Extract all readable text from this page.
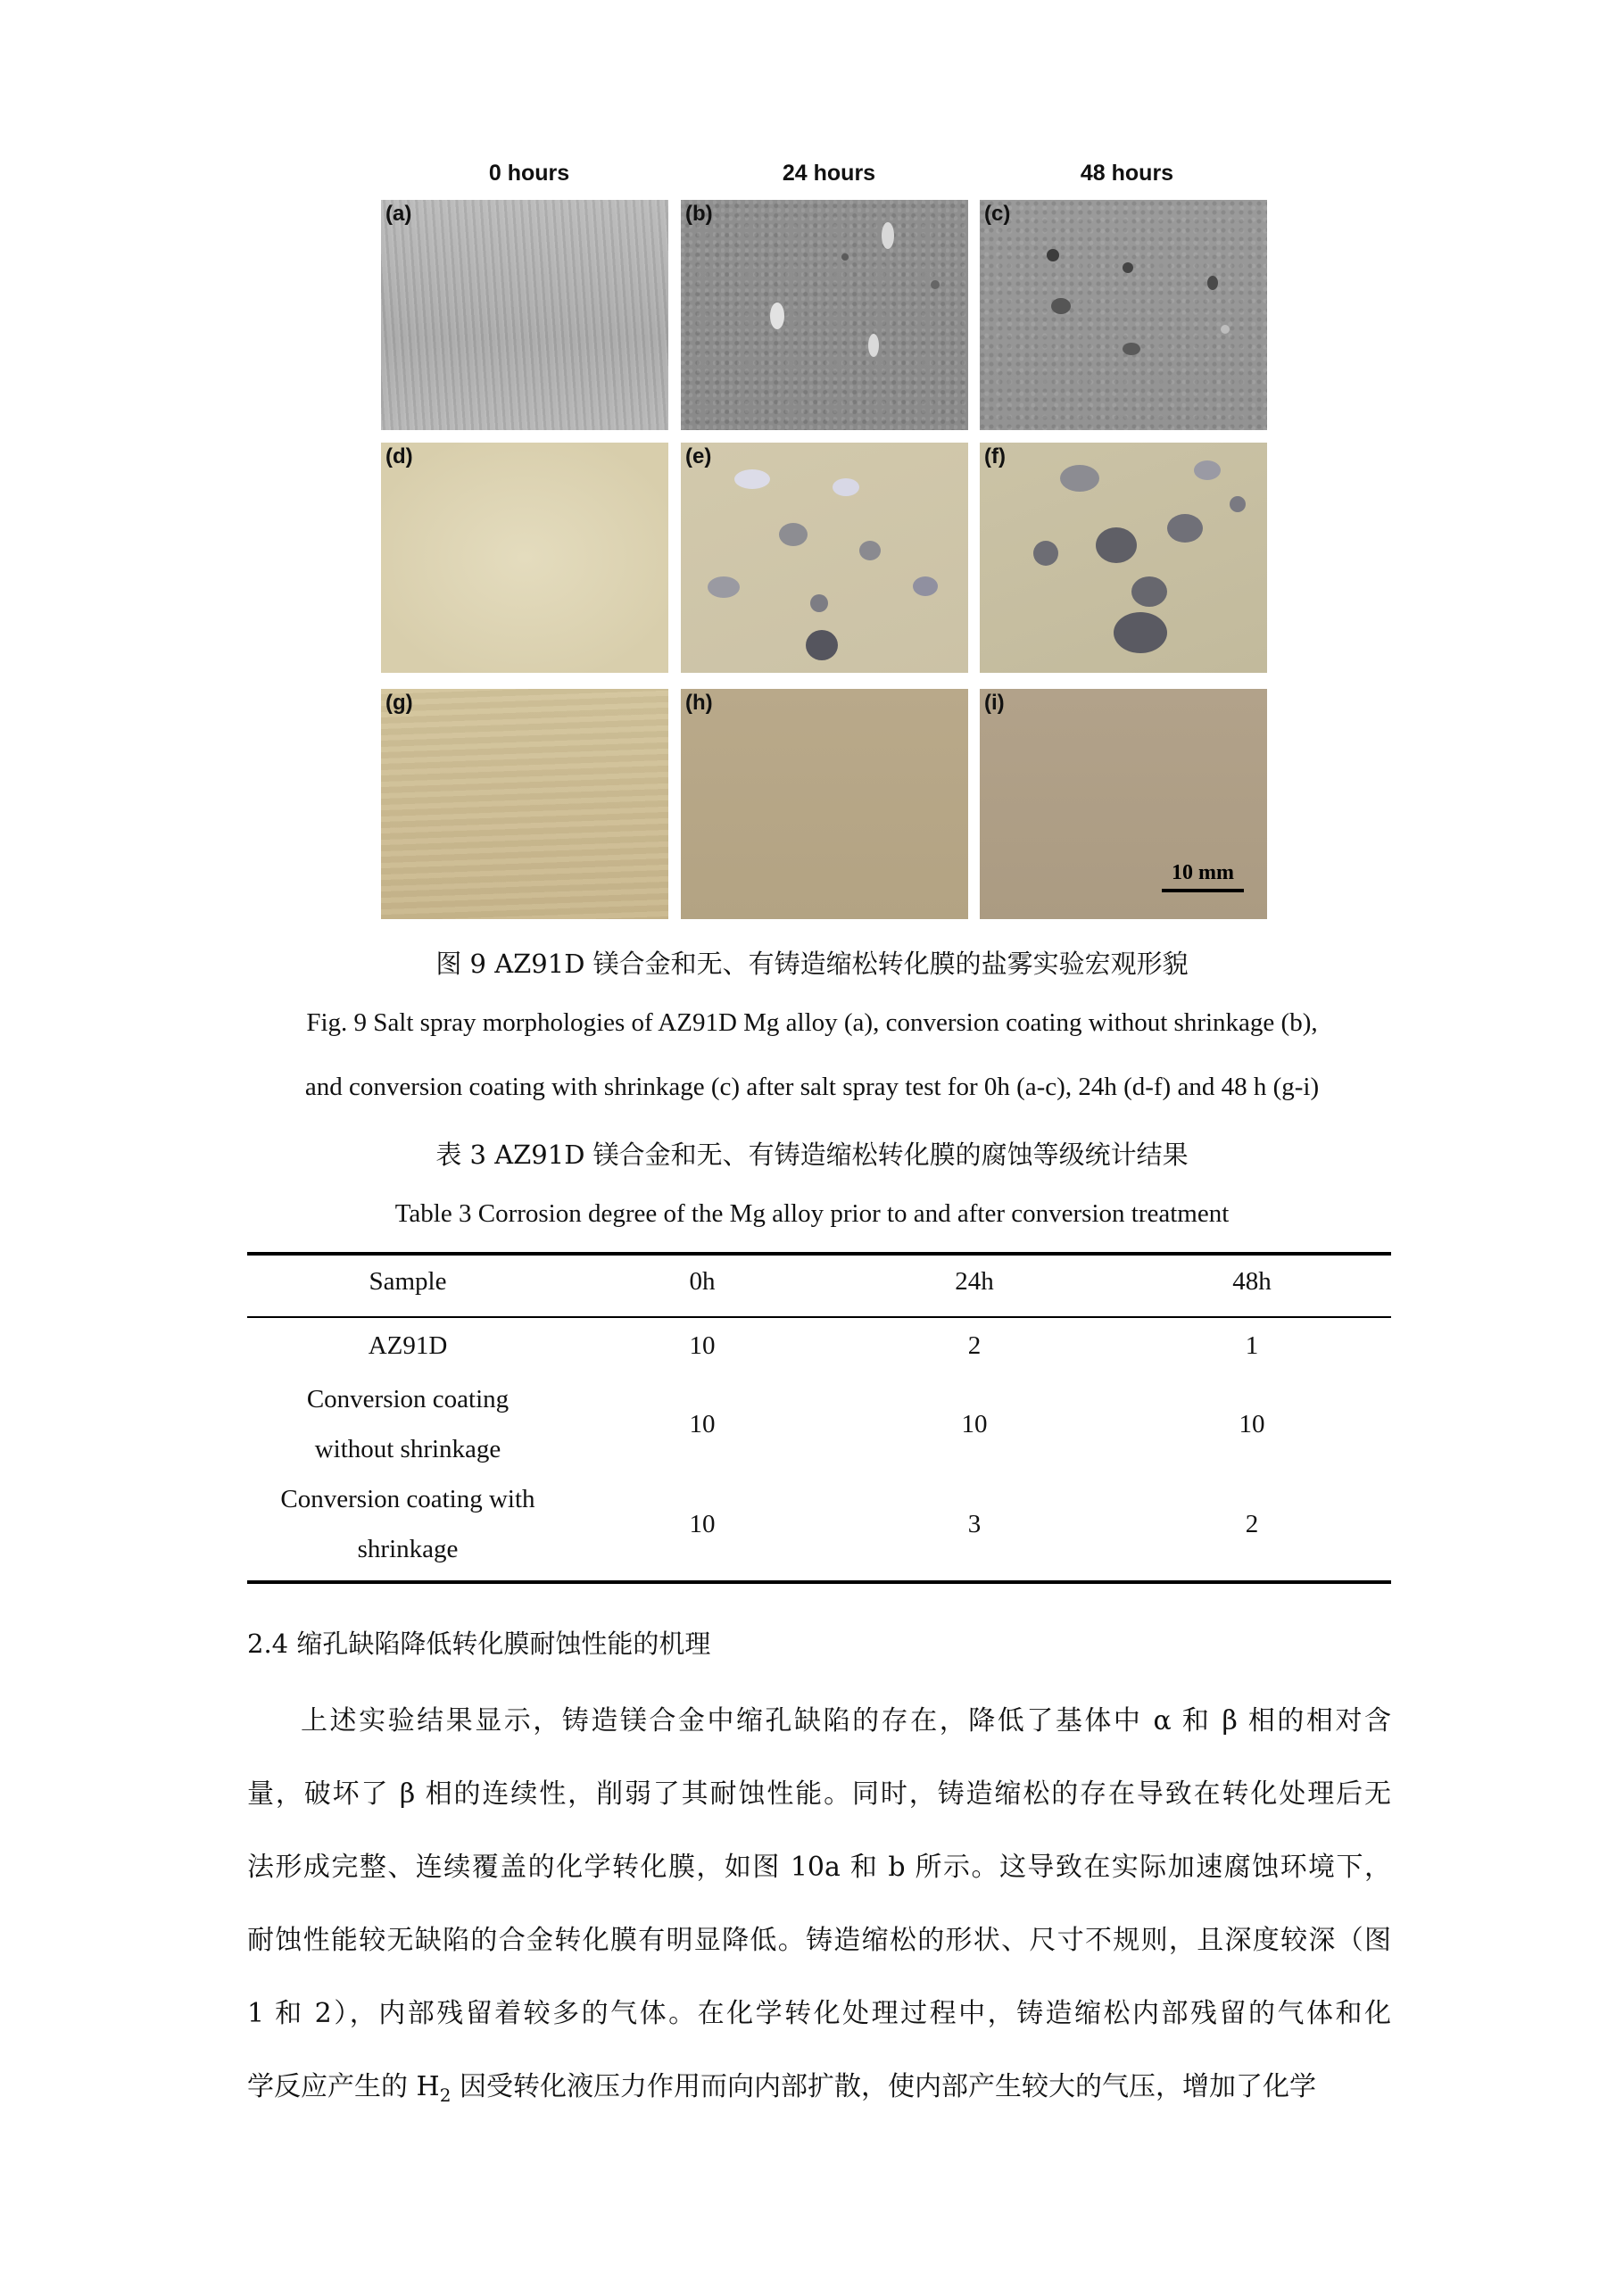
0 hours	24 hours	48 hours
(a)	(b)	(c)
(d)	(e)	(f)
(g)	(h)	(i)
10 mm
图 9 AZ91D 镁合金和无、有铸造缩松转化膜的盐雾实验宏观形貌
Fig. 9 Salt spray morphologies of AZ91D Mg alloy (a), conversion coating without shrinkage (b),
and conversion coating with shrinkage (c) after salt spray test for 0h (a-c), 24h (d-f) and 48 h (g-i)
表 3 AZ91D 镁合金和无、有铸造缩松转化膜的腐蚀等级统计结果
Table 3 Corrosion degree of the Mg alloy prior to and after conversion treatment
Sample	0h	24h	48h
AZ91D	10	2	1
Conversion coating
without shrinkage
10	10	10
Conversion coating with
shrinkage
10	3	2
2.4 缩孔缺陷降低转化膜耐蚀性能的机理
上述实验结果显示，铸造镁合金中缩孔缺陷的存在，降低了基体中 α 和 β 相的相对含
量，破坏了 β 相的连续性，削弱了其耐蚀性能。同时，铸造缩松的存在导致在转化处理后无
法形成完整、连续覆盖的化学转化膜，如图 10a 和 b 所示。这导致在实际加速腐蚀环境下，
耐蚀性能较无缺陷的合金转化膜有明显降低。铸造缩松的形状、尺寸不规则，且深度较深（图
1 和 2），内部残留着较多的气体。在化学转化处理过程中，铸造缩松内部残留的气体和化
学反应产生的 $H_2$ 因受转化液压力作用而向内部扩散，使内部产生较大的气压，增加了化学
